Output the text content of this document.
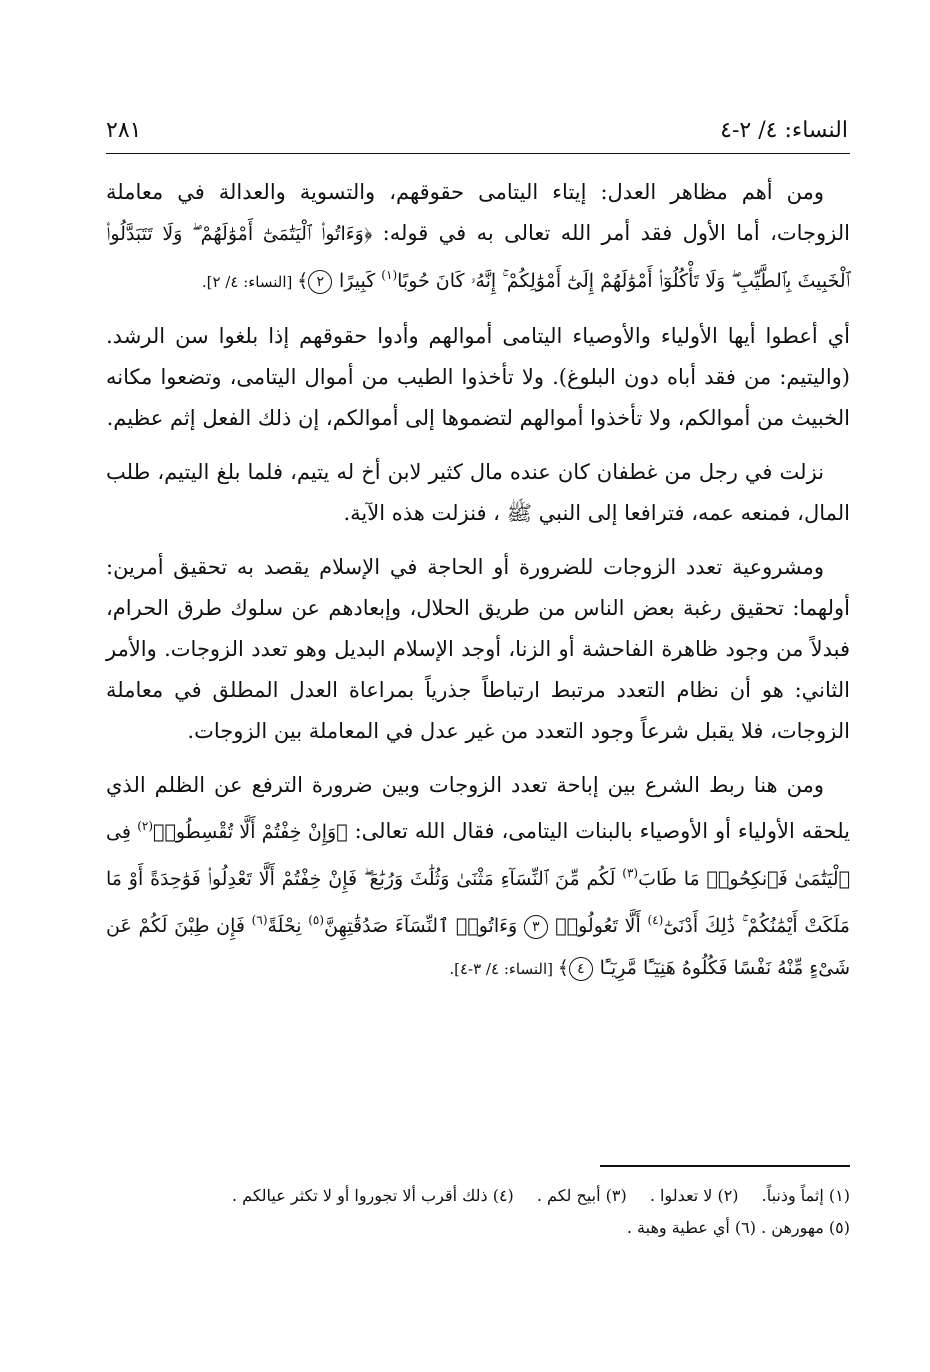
النساء: ٤/ ٢-٤
٢٨١

ومن أهم مظاهر العدل: إيتاء اليتامى حقوقهم، والتسوية والعدالة في معاملة الزوجات، أما الأول فقد أمر الله تعالى به في قوله: ﴿وَءَاتُوا۟ ٱلْيَتَٰمَىٰٓ أَمْوَٰلَهُمْ ۖ وَلَا تَتَبَدَّلُوا۟ ٱلْخَبِيثَ بِٱلطَّيِّبِ ۖ وَلَا تَأْكُلُوٓا۟ أَمْوَٰلَهُمْ إِلَىٰٓ أَمْوَٰلِكُمْ ۚ إِنَّهُۥ كَانَ حُوبًا$^{(١)}$ كَبِيرًا ٢﴾ [النساء: ٤/ ٢].

أي أعطوا أيها الأولياء والأوصياء اليتامى أموالهم وأدوا حقوقهم إذا بلغوا سن الرشد. (واليتيم: من فقد أباه دون البلوغ). ولا تأخذوا الطيب من أموال اليتامى، وتضعوا مكانه الخبيث من أموالكم، ولا تأخذوا أموالهم لتضموها إلى أموالكم، إن ذلك الفعل إثم عظيم.

نزلت في رجل من غطفان كان عنده مال كثير لابن أخ له يتيم، فلما بلغ اليتيم، طلب المال، فمنعه عمه، فترافعا إلى النبي ﷺ ، فنزلت هذه الآية.

ومشروعية تعدد الزوجات للضرورة أو الحاجة في الإسلام يقصد به تحقيق أمرين: أولهما: تحقيق رغبة بعض الناس من طريق الحلال، وإبعادهم عن سلوك طرق الحرام، فبدلاً من وجود ظاهرة الفاحشة أو الزنا، أوجد الإسلام البديل وهو تعدد الزوجات. والأمر الثاني: هو أن نظام التعدد مرتبط ارتباطاً جذرياً بمراعاة العدل المطلق في معاملة الزوجات، فلا يقبل شرعاً وجود التعدد من غير عدل في المعاملة بين الزوجات.

ومن هنا ربط الشرع بين إباحة تعدد الزوجات وبين ضرورة الترفع عن الظلم الذي يلحقه الأولياء أو الأوصياء بالبنات اليتامى، فقال الله تعالى: ﴿وَإِنْ خِفْتُمْ أَلَّا تُقْسِطُوا۟$^{(٢)}$ فِى ٱلْيَتَٰمَىٰ فَٱنكِحُوا۟ مَا طَابَ$^{(٣)}$ لَكُم مِّنَ ٱلنِّسَآءِ مَثْنَىٰ وَثُلَٰثَ وَرُبَٰعَ ۖ فَإِنْ خِفْتُمْ أَلَّا تَعْدِلُوا۟ فَوَٰحِدَةً أَوْ مَا مَلَكَتْ أَيْمَٰنُكُمْ ۚ ذَٰلِكَ أَدْنَىٰٓ$^{(٤)}$ أَلَّا تَعُولُوا۟ ٣ وَءَاتُوا۟ ٱلنِّسَآءَ صَدُقَٰتِهِنَّ$^{(٥)}$ نِحْلَةً$^{(٦)}$ فَإِن طِبْنَ لَكُمْ عَن شَىْءٍ مِّنْهُ نَفْسًا فَكُلُوهُ هَنِيٓـًٔا مَّرِيٓـًٔا ٤﴾ [النساء: ٤/ ٣-٤].

(١) إثماً وذنباً. (٢) لا تعدلوا . (٣) أبيح لكم . (٤) ذلك أقرب ألا تجوروا أو لا تكثر عيالكم .
(٥) مهورهن . (٦) أي عطية وهبة .
